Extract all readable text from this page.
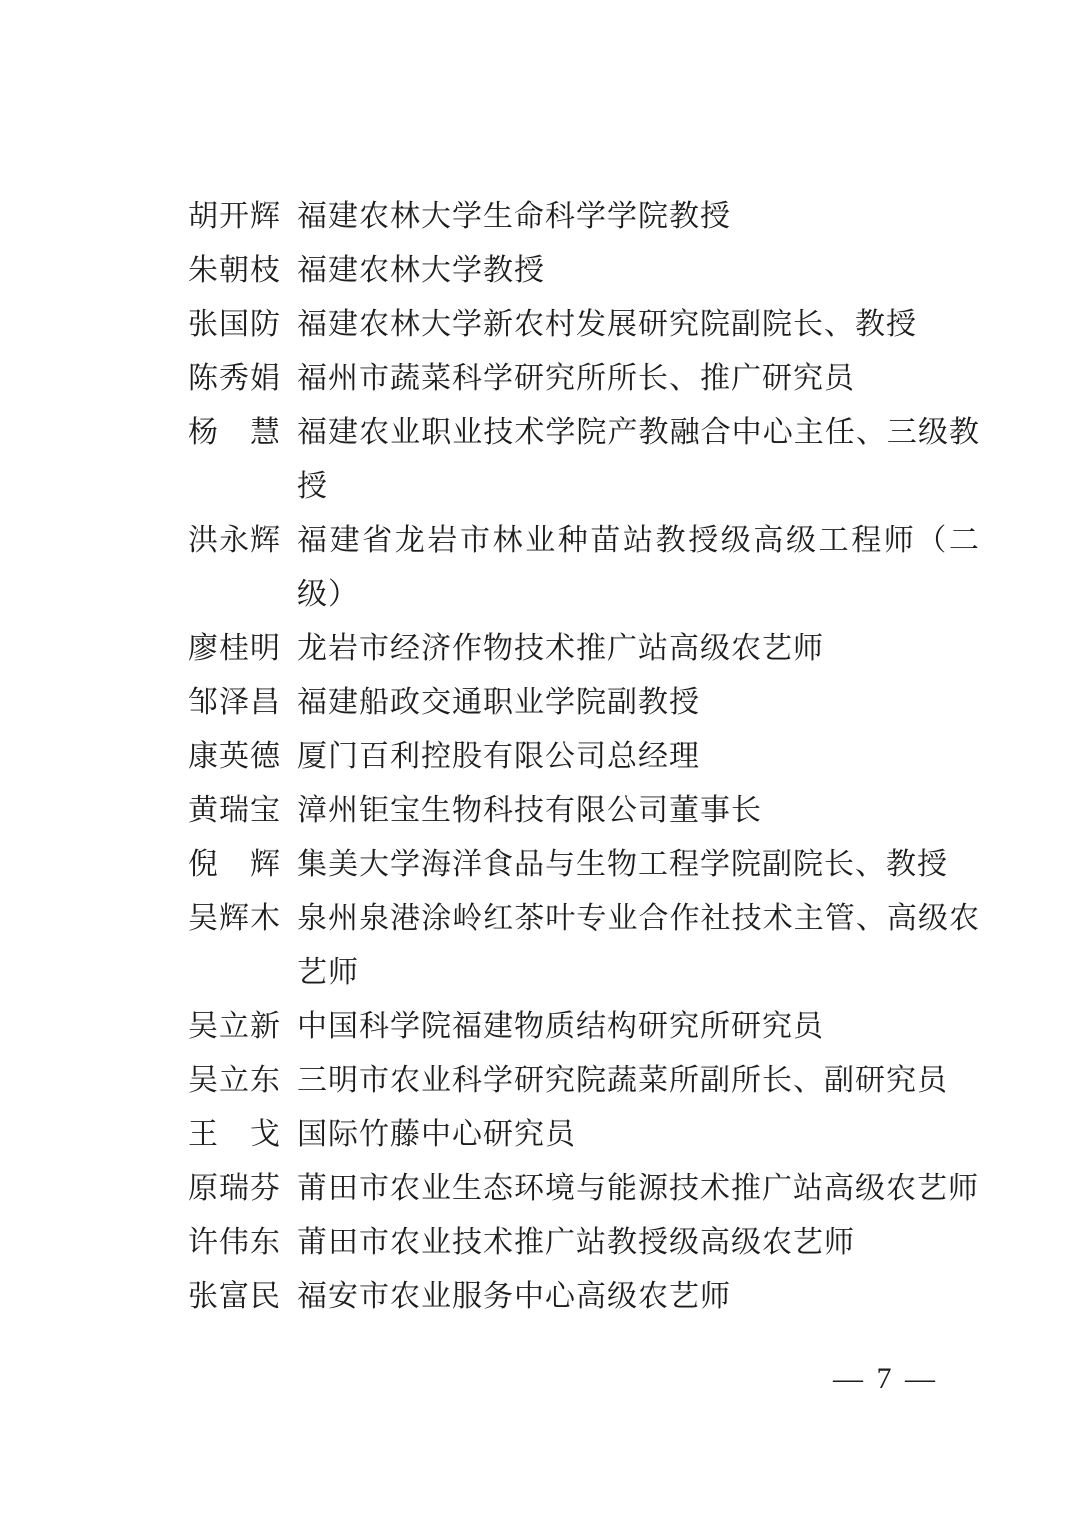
胡开辉 福建农林大学生命科学学院教授
朱朝枝 福建农林大学教授
张国防 福建农林大学新农村发展研究院副院长、教授
陈秀娟 福州市蔬菜科学研究所所长、推广研究员
杨　慧 福建农业职业技术学院产教融合中心主任、三级教授
洪永辉 福建省龙岩市林业种苗站教授级高级工程师（二级）
廖桂明 龙岩市经济作物技术推广站高级农艺师
邹泽昌 福建船政交通职业学院副教授
康英德 厦门百利控股有限公司总经理
黄瑞宝 漳州钜宝生物科技有限公司董事长
倪　辉 集美大学海洋食品与生物工程学院副院长、教授
吴辉木 泉州泉港涂岭红茶叶专业合作社技术主管、高级农艺师
吴立新 中国科学院福建物质结构研究所研究员
吴立东 三明市农业科学研究院蔬菜所副所长、副研究员
王　戈 国际竹藤中心研究员
原瑞芬 莆田市农业生态环境与能源技术推广站高级农艺师
许伟东 莆田市农业技术推广站教授级高级农艺师
张富民 福安市农业服务中心高级农艺师
— 7 —
